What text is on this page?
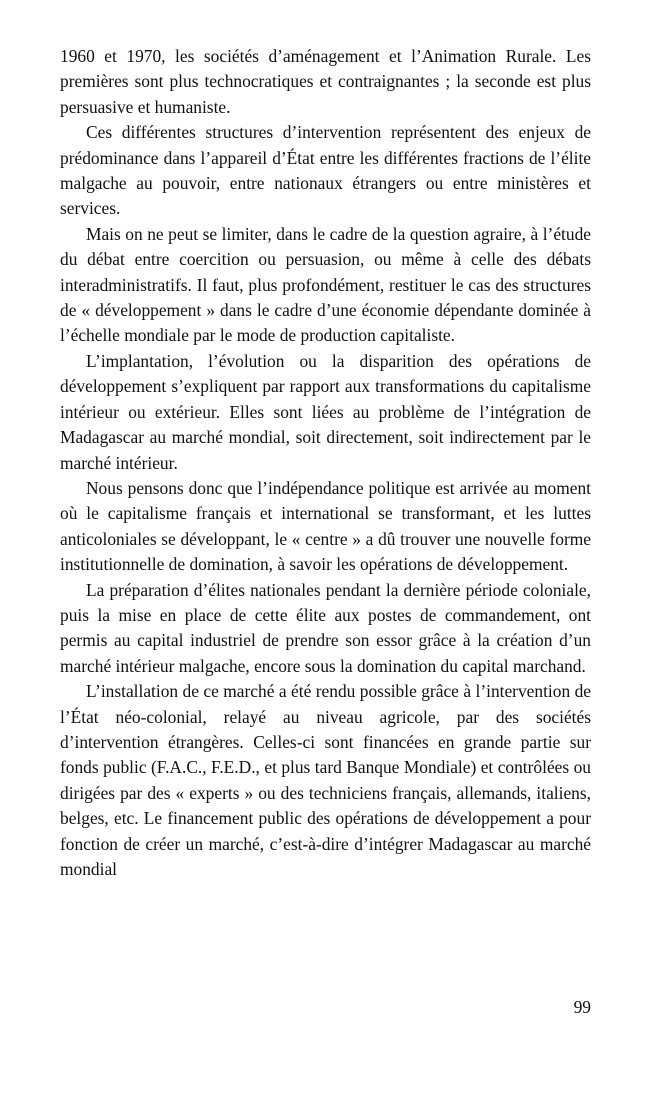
1960 et 1970, les sociétés d’aménagement et l’Animation Rurale. Les premières sont plus technocratiques et contraignantes ; la seconde est plus persuasive et humaniste.

Ces différentes structures d’intervention représentent des enjeux de prédominance dans l’appareil d’État entre les différentes fractions de l’élite malgache au pouvoir, entre nationaux étrangers ou entre ministères et services.

Mais on ne peut se limiter, dans le cadre de la question agraire, à l’étude du débat entre coercition ou persuasion, ou même à celle des débats interadministratifs. Il faut, plus profondément, restituer le cas des structures de « développement » dans le cadre d’une économie dépendante dominée à l’échelle mondiale par le mode de production capitaliste.

L’implantation, l’évolution ou la disparition des opérations de développement s’expliquent par rapport aux transformations du capitalisme intérieur ou extérieur. Elles sont liées au problème de l’intégration de Madagascar au marché mondial, soit directement, soit indirectement par le marché intérieur.

Nous pensons donc que l’indépendance politique est arrivée au moment où le capitalisme français et international se transformant, et les luttes anticoloniales se développant, le « centre » a dû trouver une nouvelle forme institutionnelle de domination, à savoir les opérations de développement.

La préparation d’élites nationales pendant la dernière période coloniale, puis la mise en place de cette élite aux postes de commandement, ont permis au capital industriel de prendre son essor grâce à la création d’un marché intérieur malgache, encore sous la domination du capital marchand.

L’installation de ce marché a été rendu possible grâce à l’intervention de l’État néo-colonial, relayé au niveau agricole, par des sociétés d’intervention étrangères. Celles-ci sont financées en grande partie sur fonds public (F.A.C., F.E.D., et plus tard Banque Mondiale) et contrôlées ou dirigées par des « experts » ou des techniciens français, allemands, italiens, belges, etc. Le financement public des opérations de développement a pour fonction de créer un marché, c’est-à-dire d’intégrer Madagascar au marché mondial

99
